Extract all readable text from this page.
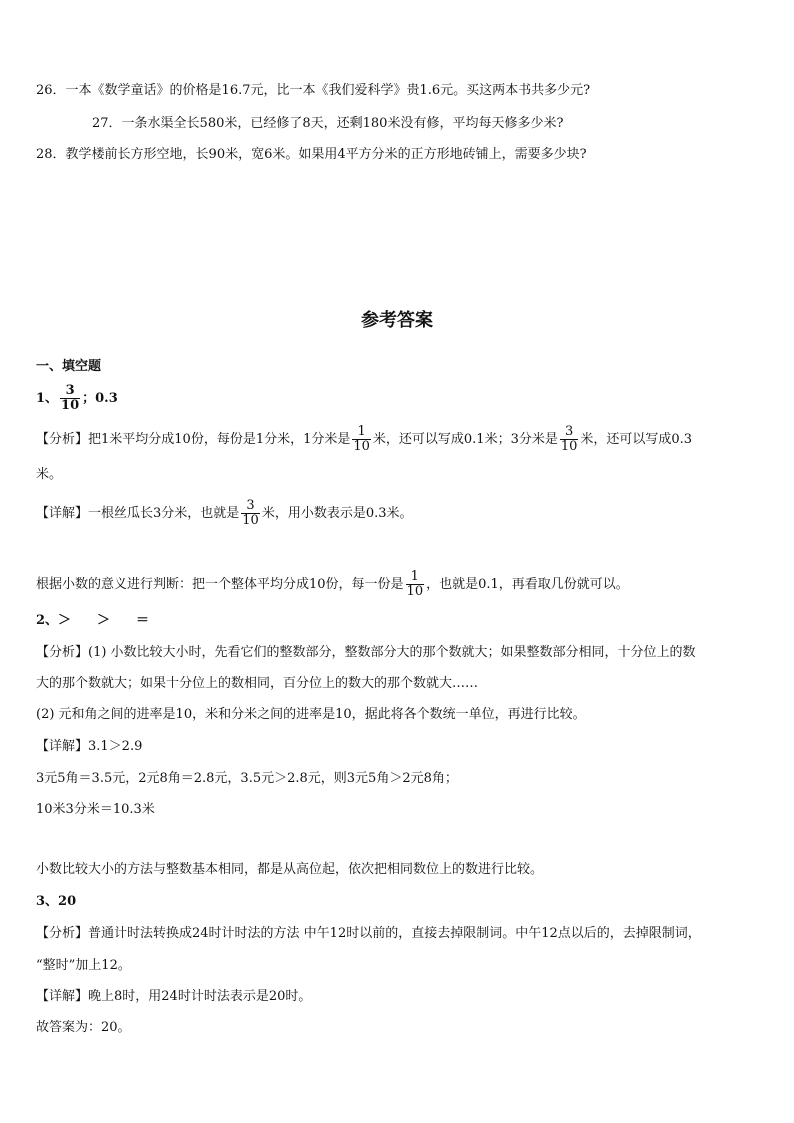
26．一本《数学童话》的价格是16.7元，比一本《我们爱科学》贵1.6元。买这两本书共多少元?
27．一条水渠全长580米，已经修了8天，还剩180米没有修，平均每天修多少米?
28．教学楼前长方形空地，长90米，宽6米。如果用4平方分米的正方形地砖铺上，需要多少块?
参考答案
一、填空题
1、 $\frac{3}{10}$ ；0.3
【分析】把1米平均分成10份，每份是1分米，1分米是 $\frac{1}{10}$ 米，还可以写成0.1米；3分米是 $\frac{3}{10}$ 米，还可以写成0.3
米。
【详解】一根丝瓜长3分米，也就是 $\frac{3}{10}$ 米，用小数表示是0.3米。
根据小数的意义进行判断：把一个整体平均分成10份，每一份是 $\frac{1}{10}$ ，也就是0.1，再看取几份就可以。
2、＞　　＞　　＝
【分析】(1) 小数比较大小时，先看它们的整数部分，整数部分大的那个数就大；如果整数部分相同，十分位上的数
大的那个数就大；如果十分位上的数相同，百分位上的数大的那个数就大……
(2) 元和角之间的进率是10，米和分米之间的进率是10，据此将各个数统一单位，再进行比较。
【详解】3.1＞2.9
3元5角＝3.5元，2元8角＝2.8元，3.5元＞2.8元，则3元5角＞2元8角；
10米3分米＝10.3米
小数比较大小的方法与整数基本相同，都是从高位起，依次把相同数位上的数进行比较。
3、20
【分析】普通计时法转换成24时计时法的方法 中午12时以前的，直接去掉限制词。中午12点以后的，去掉限制词，
“整时”加上12。
【详解】晚上8时，用24时计时法表示是20时。
故答案为：20。
